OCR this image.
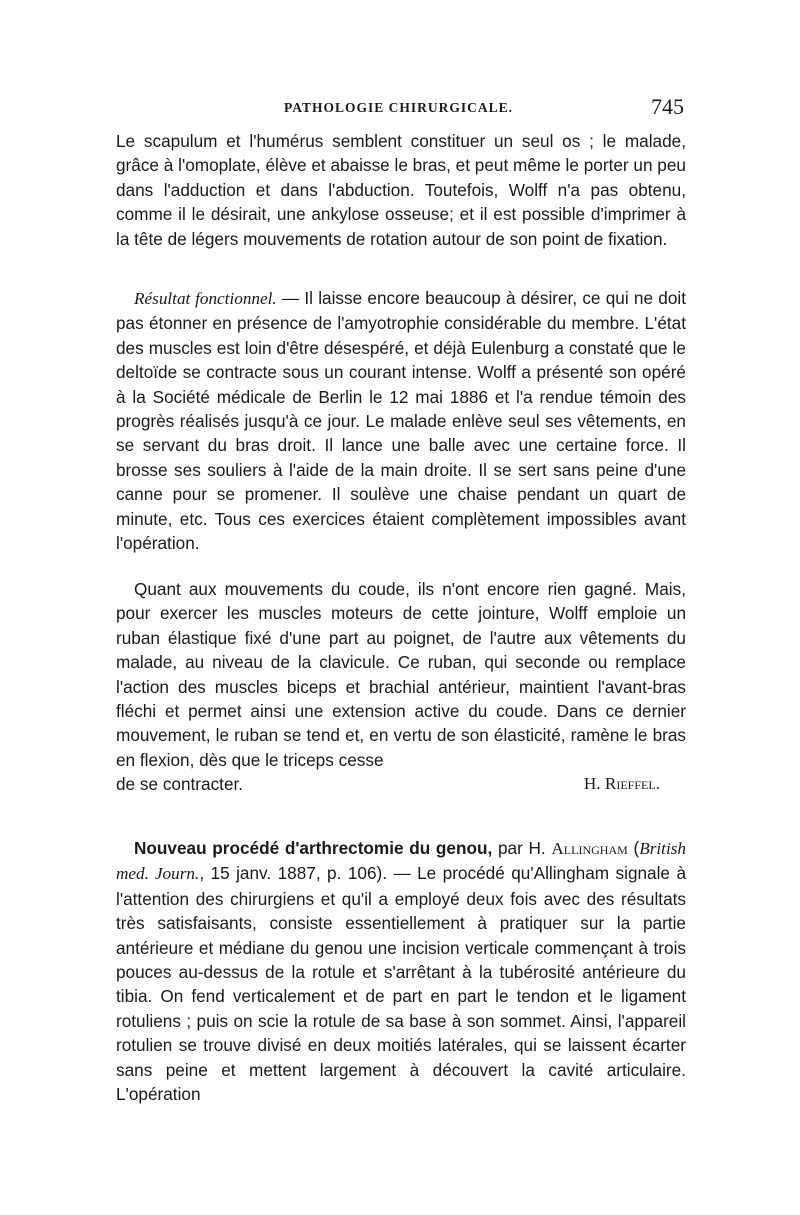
PATHOLOGIE CHIRURGICALE.	745

Le scapulum et l'humérus semblent constituer un seul os ; le malade, grâce à l'omoplate, élève et abaisse le bras, et peut même le porter un peu dans l'adduction et dans l'abduction. Toutefois, Wolff n'a pas obtenu, comme il le désirait, une ankylose osseuse; et il est possible d'imprimer à la tête de légers mouvements de rotation autour de son point de fixation.

Résultat fonctionnel. — Il laisse encore beaucoup à désirer, ce qui ne doit pas étonner en présence de l'amyotrophie considérable du membre. L'état des muscles est loin d'être désespéré, et déjà Eulenburg a constaté que le deltoïde se contracte sous un courant intense. Wolff a présenté son opéré à la Société médicale de Berlin le 12 mai 1886 et l'a rendue témoin des progrès réalisés jusqu'à ce jour. Le malade enlève seul ses vêtements, en se servant du bras droit. Il lance une balle avec une certaine force. Il brosse ses souliers à l'aide de la main droite. Il se sert sans peine d'une canne pour se promener. Il soulève une chaise pendant un quart de minute, etc. Tous ces exercices étaient complètement impossibles avant l'opération.

Quant aux mouvements du coude, ils n'ont encore rien gagné. Mais, pour exercer les muscles moteurs de cette jointure, Wolff emploie un ruban élastique fixé d'une part au poignet, de l'autre aux vêtements du malade, au niveau de la clavicule. Ce ruban, qui seconde ou remplace l'action des muscles biceps et brachial antérieur, maintient l'avant-bras fléchi et permet ainsi une extension active du coude. Dans ce dernier mouvement, le ruban se tend et, en vertu de son élasticité, ramène le bras en flexion, dès que le triceps cesse

de se contracter.	H. Rieffel.

Nouveau procédé d'arthrectomie du genou, par H. Allingham (British med. Journ., 15 janv. 1887, p. 106). — Le procédé qu'Allingham signale à l'attention des chirurgiens et qu'il a employé deux fois avec des résultats très satisfaisants, consiste essentiellement à pratiquer sur la partie antérieure et médiane du genou une incision verticale commençant à trois pouces au-dessus de la rotule et s'arrêtant à la tubérosité antérieure du tibia. On fend verticalement et de part en part le tendon et le ligament rotuliens ; puis on scie la rotule de sa base à son sommet. Ainsi, l'appareil rotulien se trouve divisé en deux moitiés latérales, qui se laissent écarter sans peine et mettent largement à découvert la cavité articulaire. L'opération
